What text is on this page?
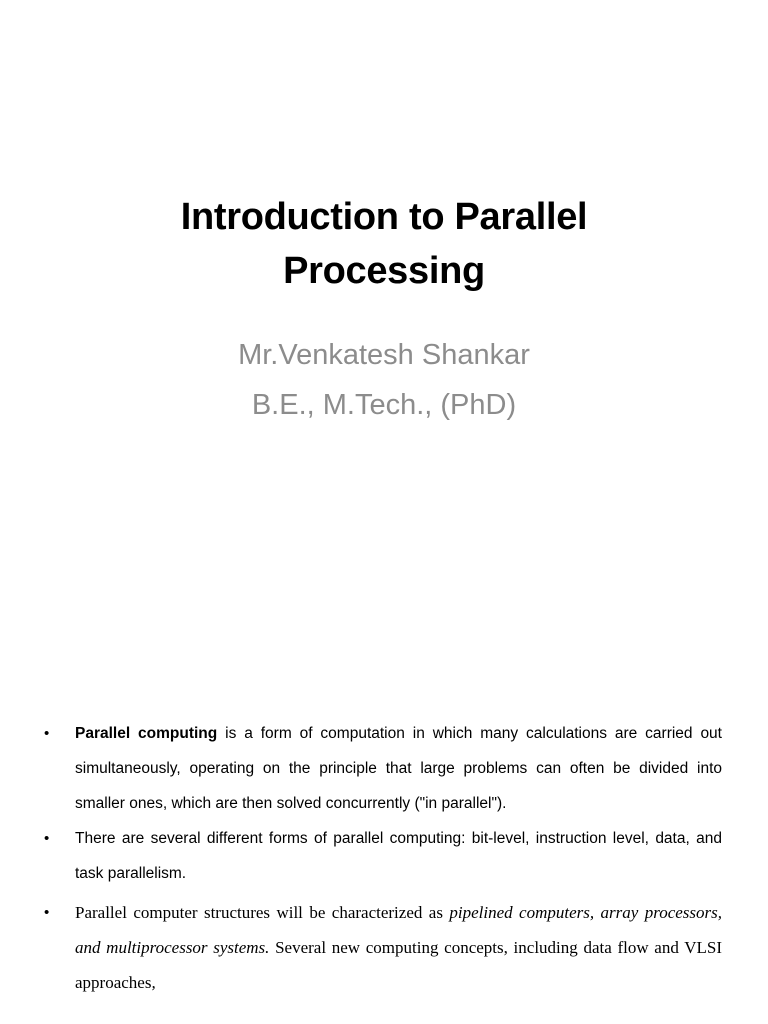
Introduction to Parallel
Processing
Mr.Venkatesh Shankar
B.E., M.Tech., (PhD)
• Parallel computing is a form of computation in which many calculations are carried out simultaneously, operating on the principle that large problems can often be divided into smaller ones, which are then solved concurrently ("in parallel").
• There are several different forms of parallel computing: bit-level, instruction level, data, and task parallelism.
• Parallel computer structures will be characterized as pipelined computers, array processors, and multiprocessor systems. Several new computing concepts, including data flow and VLSI approaches,
